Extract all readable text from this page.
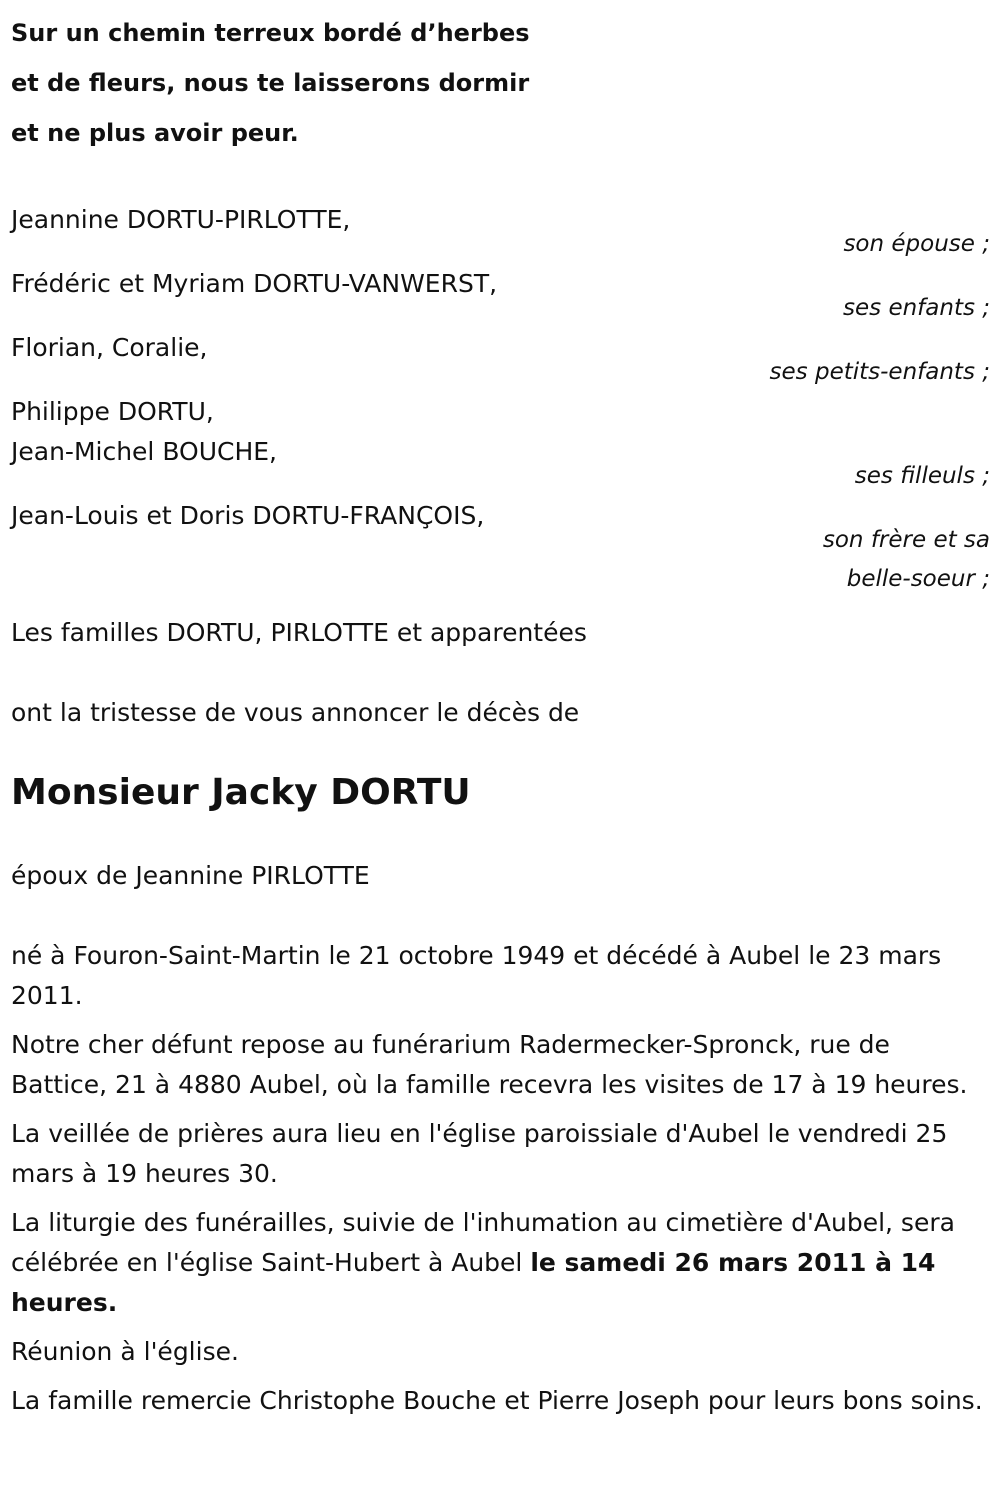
Sur un chemin terreux bordé d’herbes
et de fleurs, nous te laisserons dormir
et ne plus avoir peur.
Jeannine DORTU-PIRLOTTE,
son épouse ;
Frédéric et Myriam DORTU-VANWERST,
ses enfants ;
Florian, Coralie,
ses petits-enfants ;
Philippe DORTU,
Jean-Michel BOUCHE,
ses filleuls ;
Jean-Louis et Doris DORTU-FRANÇOIS,
son frère et sa
belle-soeur ;
Les familles DORTU, PIRLOTTE et apparentées
ont la tristesse de vous annoncer le décès de
Monsieur Jacky DORTU
époux de Jeannine PIRLOTTE
né à Fouron-Saint-Martin le 21 octobre 1949 et décédé à Aubel le 23 mars 2011.
Notre cher défunt repose au funérarium Radermecker-Spronck, rue de Battice, 21 à 4880 Aubel, où la famille recevra les visites de 17 à 19 heures.
La veillée de prières aura lieu en l'église paroissiale d'Aubel le vendredi 25 mars à 19 heures 30.
La liturgie des funérailles, suivie de l'inhumation au cimetière d'Aubel, sera célébrée en l'église Saint-Hubert à Aubel le samedi 26 mars 2011 à 14 heures.
Réunion à l'église.
La famille remercie Christophe Bouche et Pierre Joseph pour leurs bons soins.
